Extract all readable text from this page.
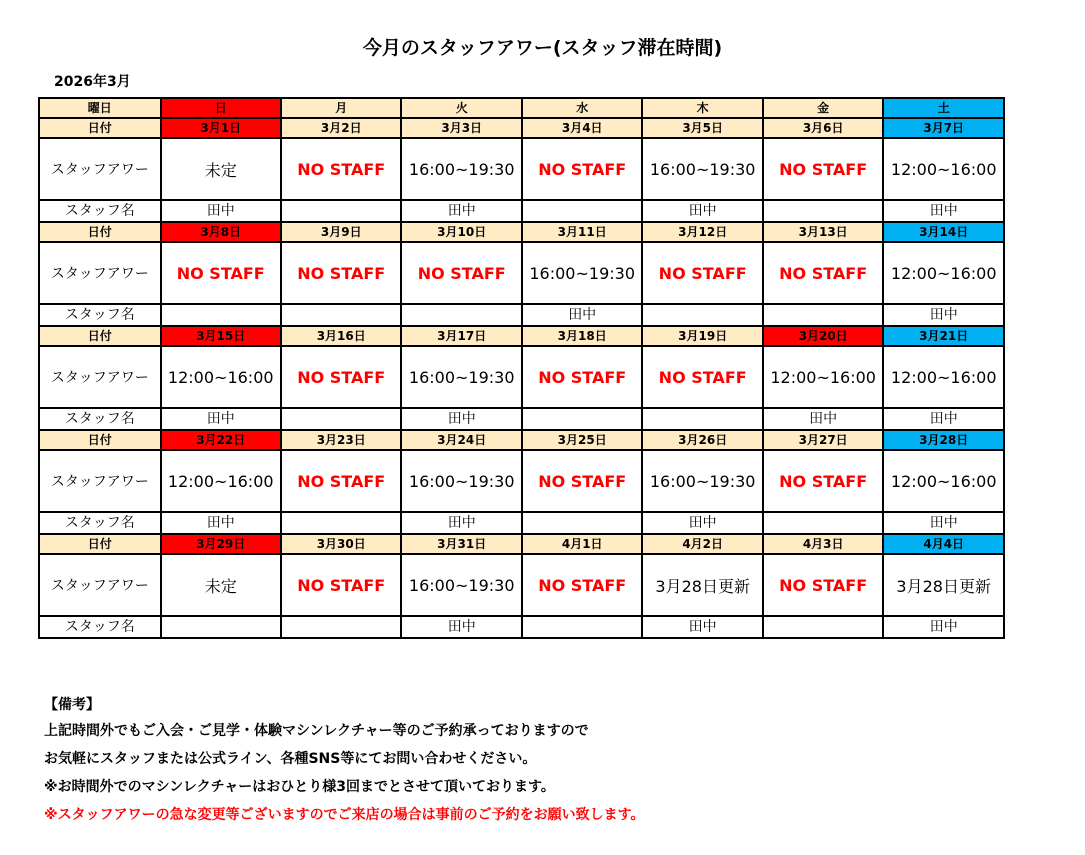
今月のスタッフアワー(スタッフ滞在時間)
2026年3月
曜日	日	月	火	水	木	金	土
日付	3月1日	3月2日	3月3日	3月4日	3月5日	3月6日	3月7日
スタッフアワー	未定	NO STAFF	16:00~19:30	NO STAFF	16:00~19:30	NO STAFF	12:00~16:00
スタッフ名	田中		田中		田中		田中
日付	3月8日	3月9日	3月10日	3月11日	3月12日	3月13日	3月14日
スタッフアワー	NO STAFF	NO STAFF	NO STAFF	16:00~19:30	NO STAFF	NO STAFF	12:00~16:00
スタッフ名				田中			田中
日付	3月15日	3月16日	3月17日	3月18日	3月19日	3月20日	3月21日
スタッフアワー	12:00~16:00	NO STAFF	16:00~19:30	NO STAFF	NO STAFF	12:00~16:00	12:00~16:00
スタッフ名	田中		田中			田中	田中
日付	3月22日	3月23日	3月24日	3月25日	3月26日	3月27日	3月28日
スタッフアワー	12:00~16:00	NO STAFF	16:00~19:30	NO STAFF	16:00~19:30	NO STAFF	12:00~16:00
スタッフ名	田中		田中		田中		田中
日付	3月29日	3月30日	3月31日	4月1日	4月2日	4月3日	4月4日
スタッフアワー	未定	NO STAFF	16:00~19:30	NO STAFF	3月28日更新	NO STAFF	3月28日更新
スタッフ名			田中		田中		田中
【備考】
上記時間外でもご入会・ご見学・体験マシンレクチャー等のご予約承っておりますので
お気軽にスタッフまたは公式ライン、各種SNS等にてお問い合わせください。
※お時間外でのマシンレクチャーはおひとり様3回までとさせて頂いております。
※スタッフアワーの急な変更等ございますのでご来店の場合は事前のご予約をお願い致します。
